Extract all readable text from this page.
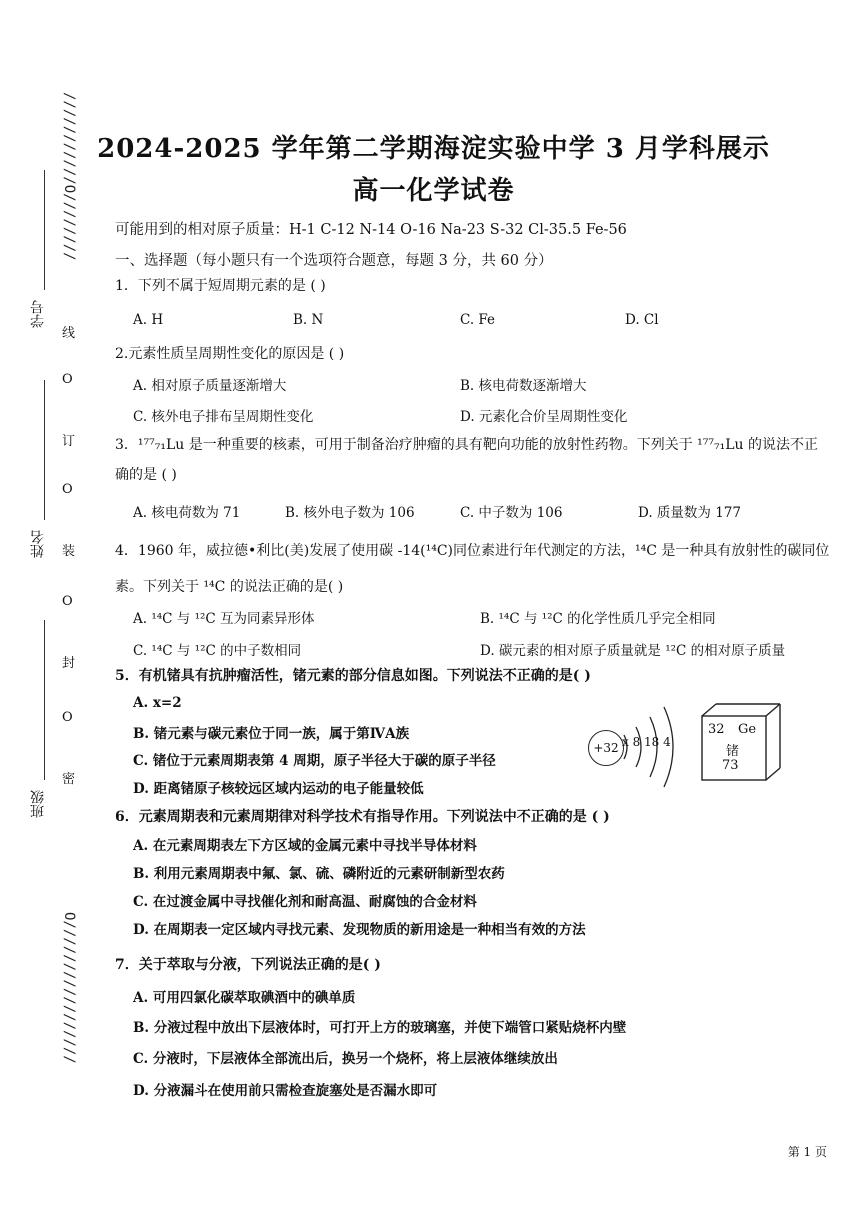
///////////O////////
O/////////////////
O
O
O
O
线
订
装
封
密
学号
姓名
班级
2024-2025 学年第二学期海淀实验中学 3 月学科展示
高一化学试卷
可能用到的相对原子质量：H-1 C-12 N-14 O-16 Na-23 S-32 Cl-35.5 Fe-56
一、选择题（每小题只有一个选项符合题意，每题 3 分，共 60 分）
1．下列不属于短周期元素的是 ( )
A. H	B. N	C. Fe	D. Cl
2.元素性质呈周期性变化的原因是 ( )
A. 相对原子质量逐渐增大	B. 核电荷数逐渐增大
C. 核外电子排布呈周期性变化	D. 元素化合价呈周期性变化
3．¹⁷⁷₇₁Lu 是一种重要的核素，可用于制备治疗肿瘤的具有靶向功能的放射性药物。下列关于 ¹⁷⁷₇₁Lu 的说法不正
确的是 ( )
A. 核电荷数为 71	B. 核外电子数为 106	C. 中子数为 106	D. 质量数为 177
4．1960 年，威拉德•利比(美)发展了使用碳 -14(¹⁴C)同位素进行年代测定的方法，¹⁴C 是一种具有放射性的碳同位
素。下列关于 ¹⁴C 的说法正确的是( )
A. ¹⁴C 与 ¹²C 互为同素异形体	B. ¹⁴C 与 ¹²C 的化学性质几乎完全相同
C. ¹⁴C 与 ¹²C 的中子数相同	D. 碳元素的相对原子质量就是 ¹²C 的相对原子质量
5．有机锗具有抗肿瘤活性，锗元素的部分信息如图。下列说法不正确的是( )
A. x=2
B. 锗元素与碳元素位于同一族，属于第ⅣA族
C. 锗位于元素周期表第 4 周期，原子半径大于碳的原子半径
D. 距离锗原子核较远区域内运动的电子能量较低
+32 x 8 18 4
32 Ge
锗
73
6．元素周期表和元素周期律对科学技术有指导作用。下列说法中不正确的是 ( )
A. 在元素周期表左下方区域的金属元素中寻找半导体材料
B. 利用元素周期表中氟、氯、硫、磷附近的元素研制新型农药
C. 在过渡金属中寻找催化剂和耐高温、耐腐蚀的合金材料
D. 在周期表一定区域内寻找元素、发现物质的新用途是一种相当有效的方法
7．关于萃取与分液，下列说法正确的是( )
A. 可用四氯化碳萃取碘酒中的碘单质
B. 分液过程中放出下层液体时，可打开上方的玻璃塞，并使下端管口紧贴烧杯内壁
C. 分液时，下层液体全部流出后，换另一个烧杯，将上层液体继续放出
D. 分液漏斗在使用前只需检查旋塞处是否漏水即可
第 1 页
